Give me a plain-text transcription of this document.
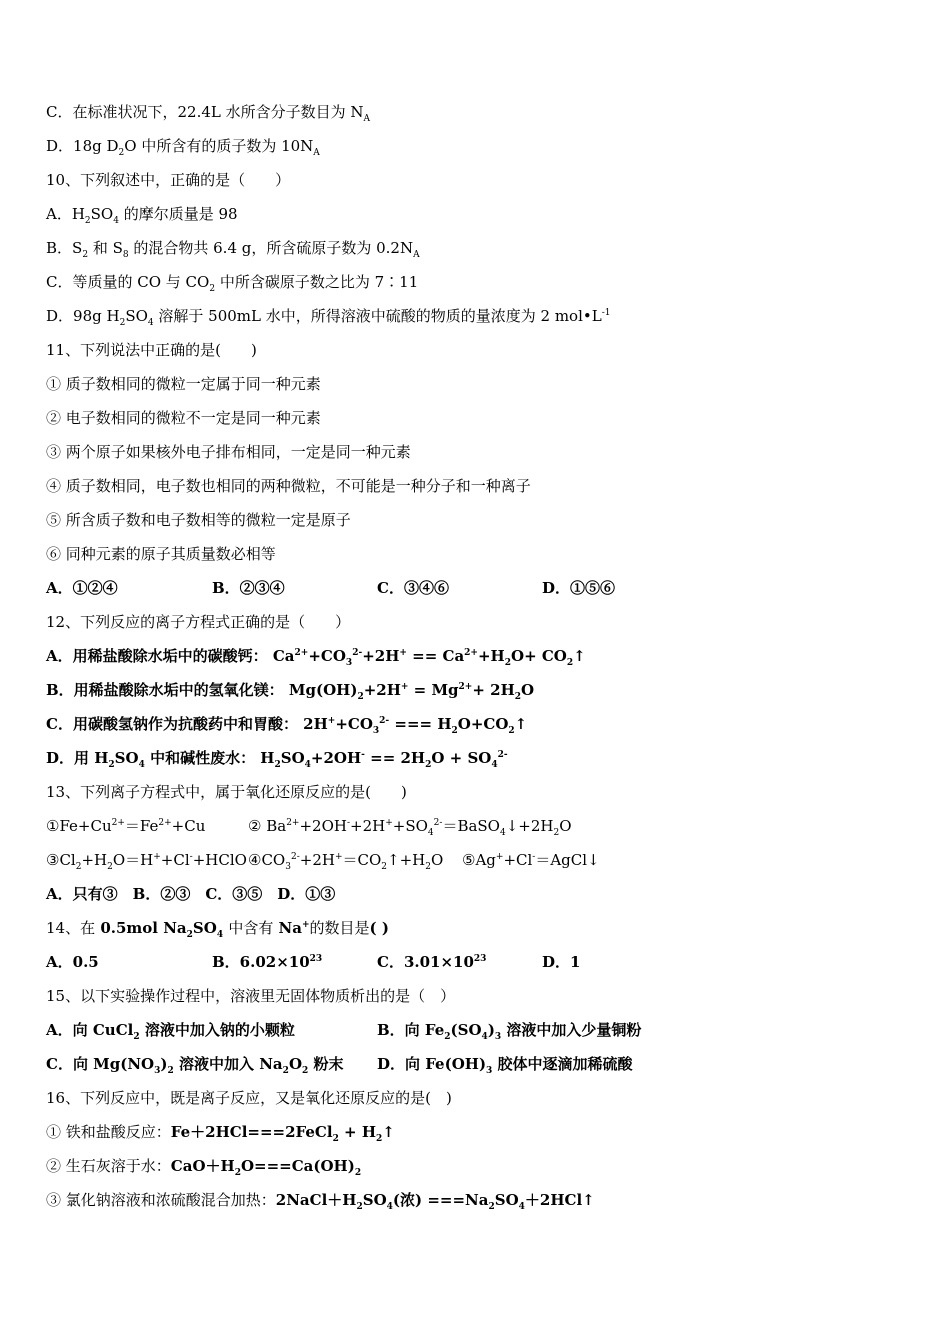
C．在标准状况下，22.4L 水所含分子数目为 $N_A$
D．18g $D_2O$ 中所含有的质子数为 $10N_A$
10、下列叙述中，正确的是（　　）
A．$H_2SO_4$ 的摩尔质量是 98
B．$S_2$ 和 $S_8$ 的混合物共 6.4 g，所含硫原子数为 $0.2N_A$
C．等质量的 CO 与 $CO_2$ 中所含碳原子数之比为 7∶11
D．98g $H_2SO_4$ 溶解于 500mL 水中，所得溶液中硫酸的物质的量浓度为 2 $mol•L^{-1}$
11、下列说法中正确的是(　　)
① 质子数相同的微粒一定属于同一种元素
② 电子数相同的微粒不一定是同一种元素
③ 两个原子如果核外电子排布相同，一定是同一种元素
④ 质子数相同，电子数也相同的两种微粒，不可能是一种分子和一种离子
⑤ 所含质子数和电子数相等的微粒一定是原子
⑥ 同种元素的原子其质量数必相等
A．①②④	B．②③④	C．③④⑥	D．①⑤⑥
12、下列反应的离子方程式正确的是（　　）
A．用稀盐酸除水垢中的碳酸钙： $Ca^{2+}+CO_3^{2-}+2H^+ == Ca^{2+}+H_2O+$ $CO_2↑$
B．用稀盐酸除水垢中的氢氧化镁： $Mg(OH)_2+2H^+ = Mg^{2+}+ 2H_2O$
C．用碳酸氢钠作为抗酸药中和胃酸： $2H^++CO_3^{2-}$ === $H_2O+CO_2↑$
D．用 $H_2SO_4$ 中和碱性废水： $H_2SO_4+2OH^- == 2H_2O + SO_4^{2-}$
13、下列离子方程式中，属于氧化还原反应的是(　　)
$①Fe+Cu^{2+}=Fe^{2+}+Cu$	② $Ba^{2+}+2OH^-+2H^++SO_4^{2-}=BaSO_4↓+2H_2O$
$③Cl_2+H_2O=H^++Cl^-+HClO$ $④CO_3^{2-}+2H^+=CO_2↑+H_2O$ ⑤Ag++Cl-＝AgCl↓
A．只有③　B．②③　C．③⑤　D．①③
14、在 0.5mol $Na_2SO_4$ 中含有 Na+的数目是( )
A．0.5	B．$6.02\times 10^{23}$	C．$3.01\times 10^{23}$	D．1
15、以下实验操作过程中，溶液里无固体物质析出的是（　）
A．向 CuCl$_2$ 溶液中加入钠的小颗粒	B．向 $Fe_2(SO_4)_3$ 溶液中加入少量铜粉
C．向 $Mg(NO_3)_2$ 溶液中加入 $Na_2O_2$ 粉末 D．向 $Fe(OH)_3$ 胶体中逐滴加稀硫酸
16、下列反应中，既是离子反应，又是氧化还原反应的是(　)
① 铁和盐酸反应：Fe＋2HCl===2FeCl$_2$ + $H_2↑$
② 生石灰溶于水：$CaO+H_2O===Ca(OH)_2$
③ 氯化钠溶液和浓硫酸混合加热：$2NaCl+H_2SO_4$(浓) $===Na_2SO_4+2HCl↑$
